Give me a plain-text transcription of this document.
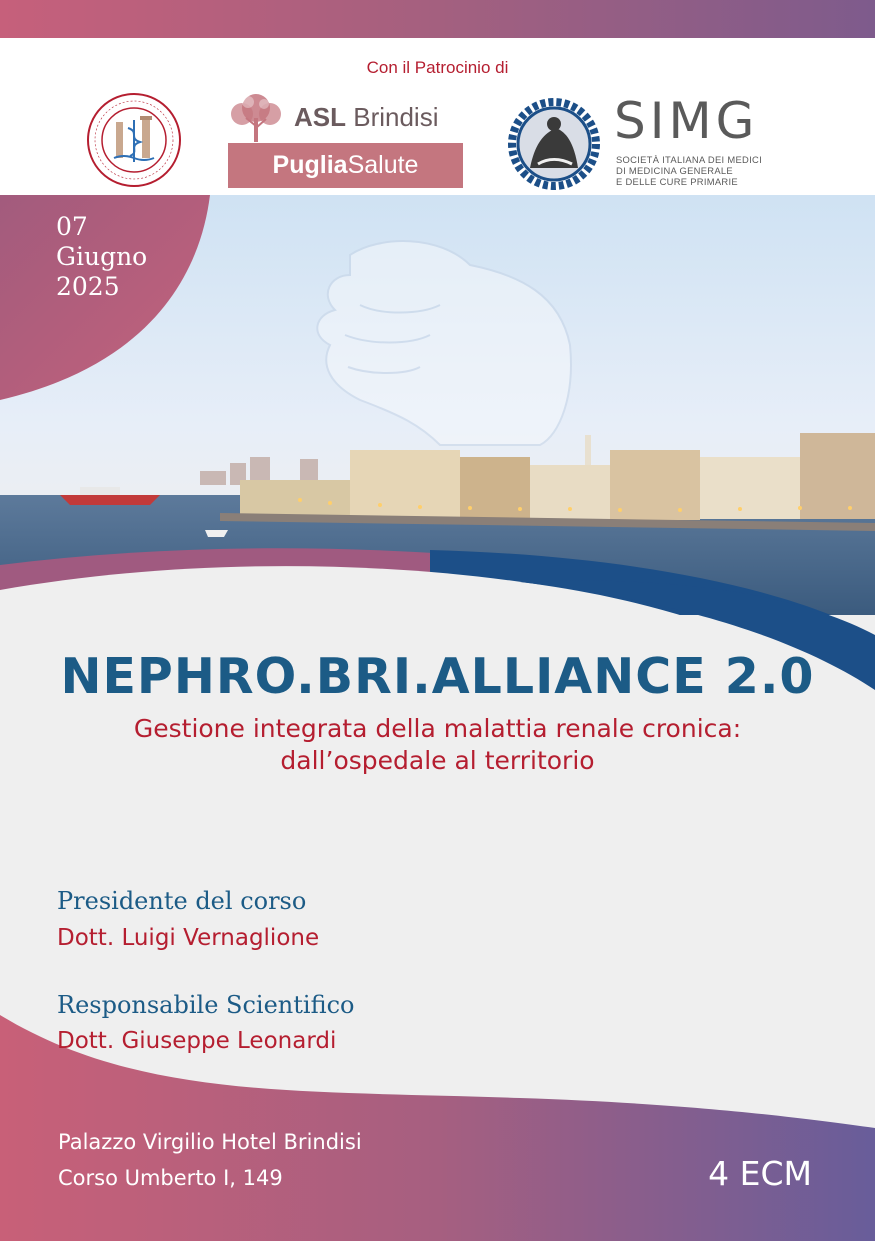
Con il Patrocinio di
ASL Brindisi
PugliaSalute
SIMG
SOCIETÀ ITALIANA DEI MEDICI
DI MEDICINA GENERALE
E DELLE CURE PRIMARIE
07
Giugno
2025
NEPHRO.BRI.ALLIANCE 2.0
Gestione integrata della malattia renale cronica:
dall’ospedale al territorio
Presidente del corso
Dott. Luigi Vernaglione
Responsabile Scientifico
Dott. Giuseppe Leonardi
Palazzo Virgilio Hotel Brindisi
Corso Umberto I, 149	4 ECM
